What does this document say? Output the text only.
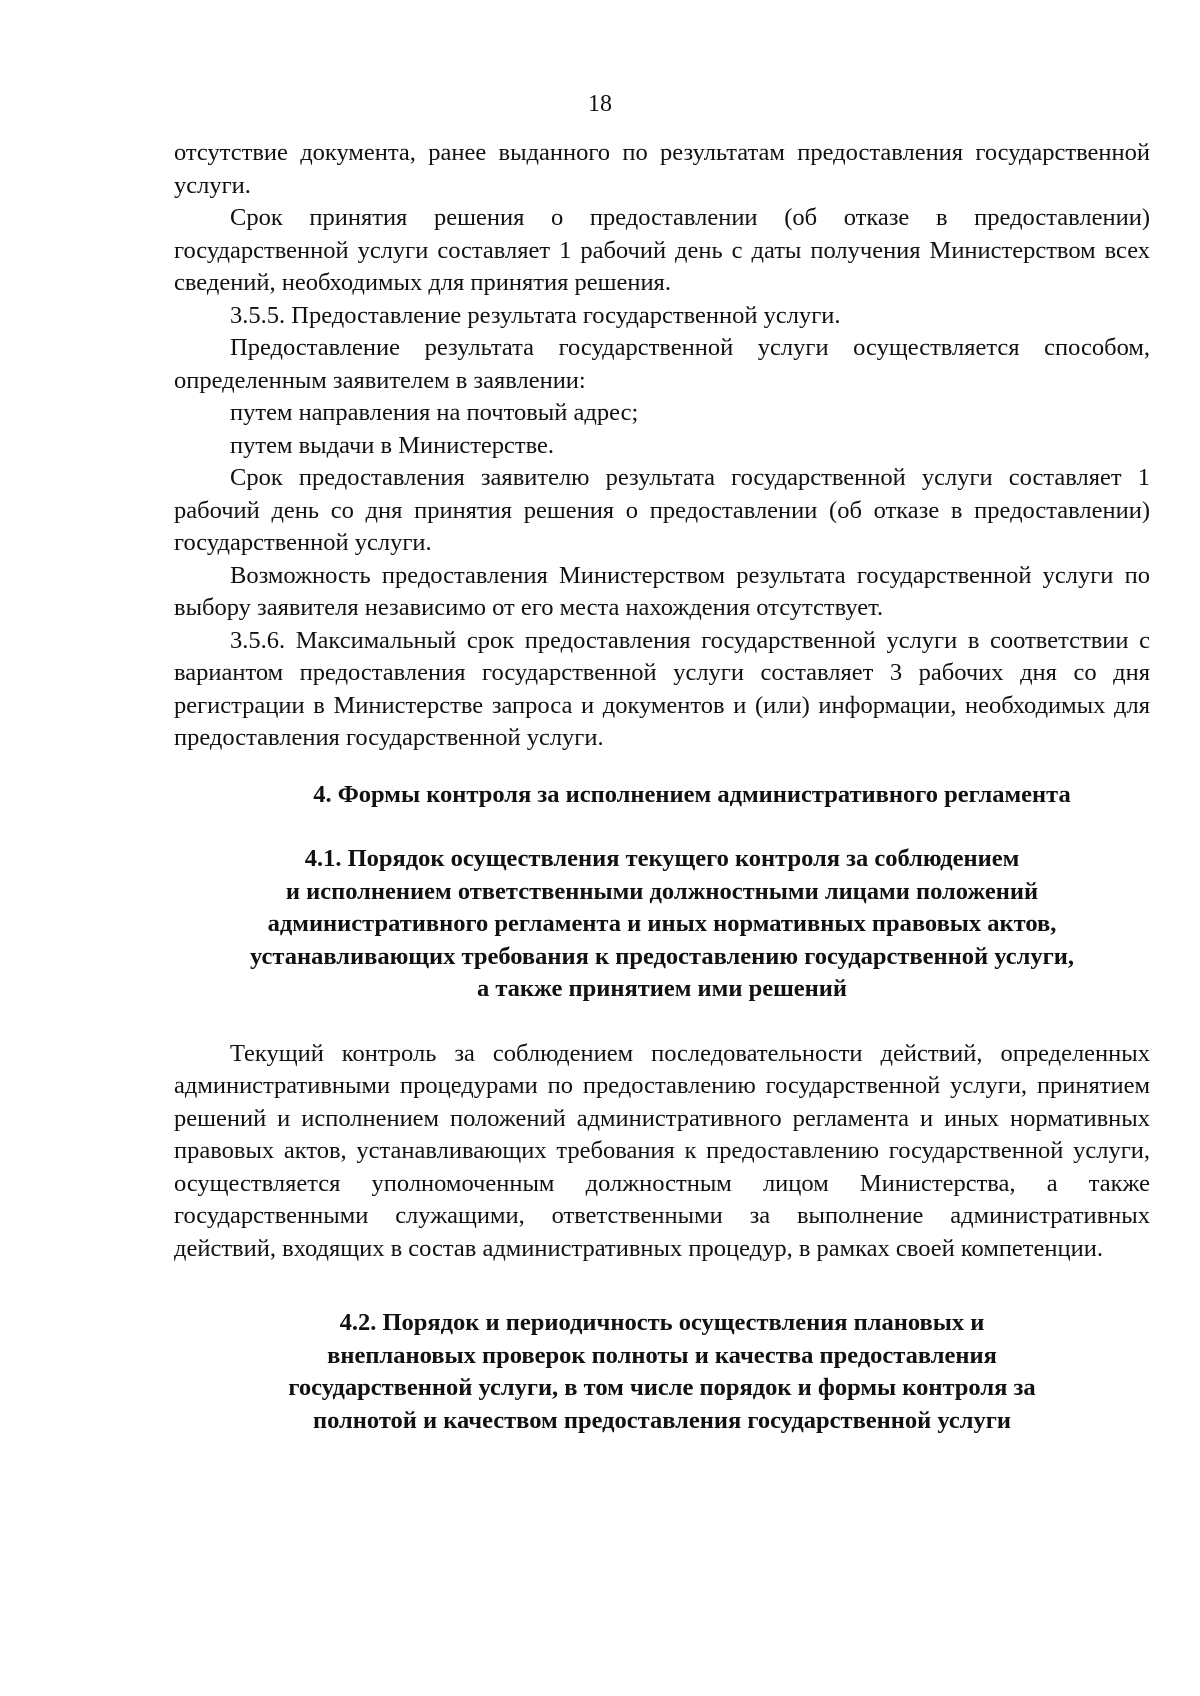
18

отсутствие документа, ранее выданного по результатам предоставления государственной услуги.

Срок принятия решения о предоставлении (об отказе в предоставлении) государственной услуги составляет 1 рабочий день с даты получения Министерством всех сведений, необходимых для принятия решения.

3.5.5. Предоставление результата государственной услуги.

Предоставление результата государственной услуги осуществляется способом, определенным заявителем в заявлении:

путем направления на почтовый адрес;

путем выдачи в Министерстве.

Срок предоставления заявителю результата государственной услуги составляет 1 рабочий день со дня принятия решения о предоставлении (об отказе в предоставлении) государственной услуги.

Возможность предоставления Министерством результата государственной услуги по выбору заявителя независимо от его места нахождения отсутствует.

3.5.6. Максимальный срок предоставления государственной услуги в соответствии с вариантом предоставления государственной услуги составляет 3 рабочих дня со дня регистрации в Министерстве запроса и документов и (или) информации, необходимых для предоставления государственной услуги.

4. Формы контроля за исполнением административного регламента
4.1. Порядок осуществления текущего контроля за соблюдением
и исполнением ответственными должностными лицами положений
административного регламента и иных нормативных правовых актов,
устанавливающих требования к предоставлению государственной услуги,
а также принятием ими решений

Текущий контроль за соблюдением последовательности действий, определенных административными процедурами по предоставлению государственной услуги, принятием решений и исполнением положений административного регламента и иных нормативных правовых актов, устанавливающих требования к предоставлению государственной услуги, осуществляется уполномоченным должностным лицом Министерства, а также государственными служащими, ответственными за выполнение административных действий, входящих в состав административных процедур, в рамках своей компетенции.

4.2. Порядок и периодичность осуществления плановых и
внеплановых проверок полноты и качества предоставления
государственной услуги, в том числе порядок и формы контроля за
полнотой и качеством предоставления государственной услуги
